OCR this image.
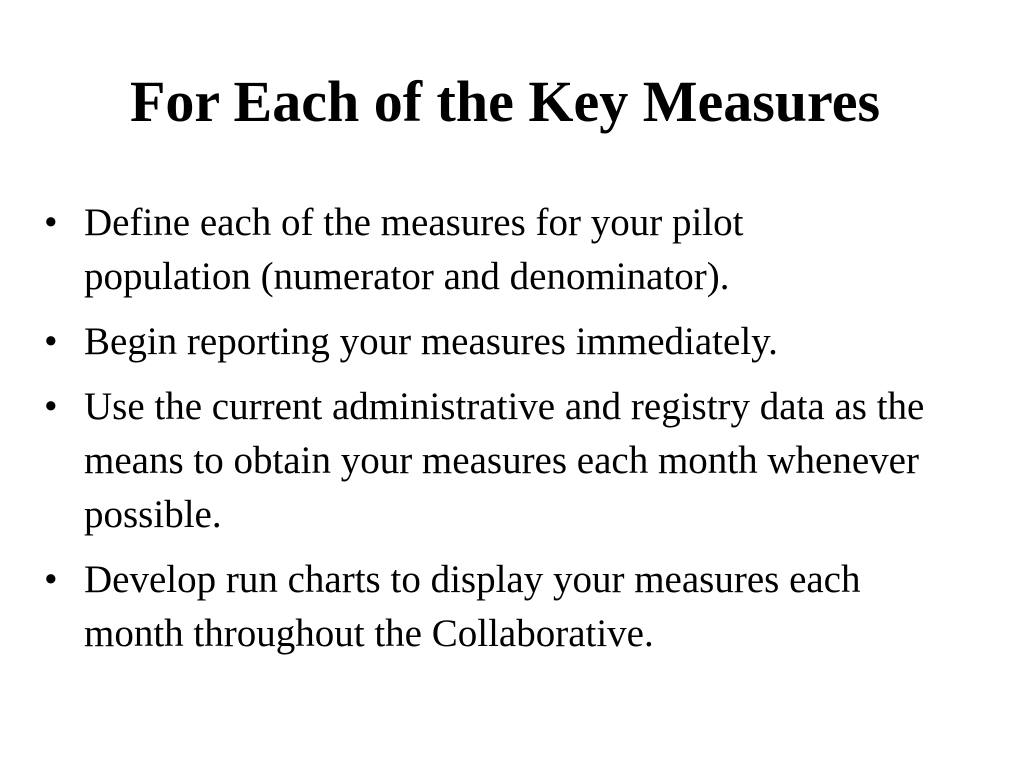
For Each of the Key Measures
• Define each of the measures for your pilot population (numerator and denominator).
• Begin reporting your measures immediately.
• Use the current administrative and registry data as the means to obtain your measures each month whenever possible.
• Develop run charts to display your measures each month throughout the Collaborative.
